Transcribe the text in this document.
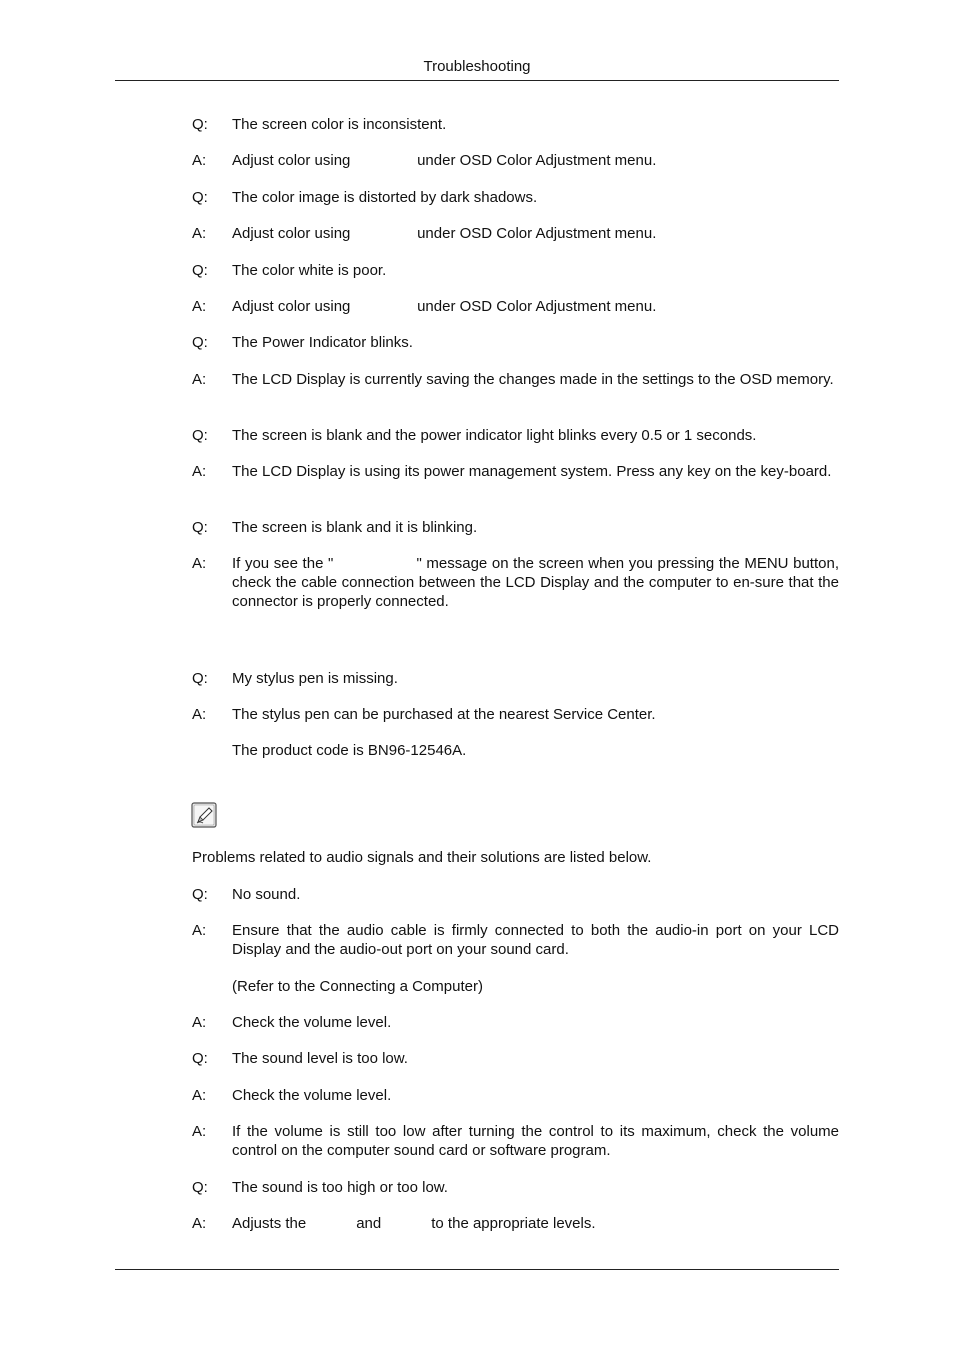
Troubleshooting
Q: The screen color is inconsistent.
A: Adjust color using                under OSD Color Adjustment menu.
Q: The color image is distorted by dark shadows.
A: Adjust color using                under OSD Color Adjustment menu.
Q: The color white is poor.
A: Adjust color using                under OSD Color Adjustment menu.
Q: The Power Indicator blinks.
A: The LCD Display is currently saving the changes made in the settings to the OSD memory.
Q: The screen is blank and the power indicator light blinks every 0.5 or 1 seconds.
A: The LCD Display is using its power management system. Press any key on the key-board.
Q: The screen is blank and it is blinking.
A: If you see the "                  " message on the screen when you pressing the MENU button, check the cable connection between the LCD Display and the computer to en-sure that the connector is properly connected.
Q: My stylus pen is missing.
A: The stylus pen can be purchased at the nearest Service Center.
The product code is BN96-12546A.
Problems related to audio signals and their solutions are listed below.
Q: No sound.
A: Ensure that the audio cable is firmly connected to both the audio-in port on your LCD Display and the audio-out port on your sound card.
(Refer to the Connecting a Computer)
A: Check the volume level.
Q: The sound level is too low.
A: Check the volume level.
A: If the volume is still too low after turning the control to its maximum, check the volume control on the computer sound card or software program.
Q: The sound is too high or too low.
A: Adjusts the            and            to the appropriate levels.
